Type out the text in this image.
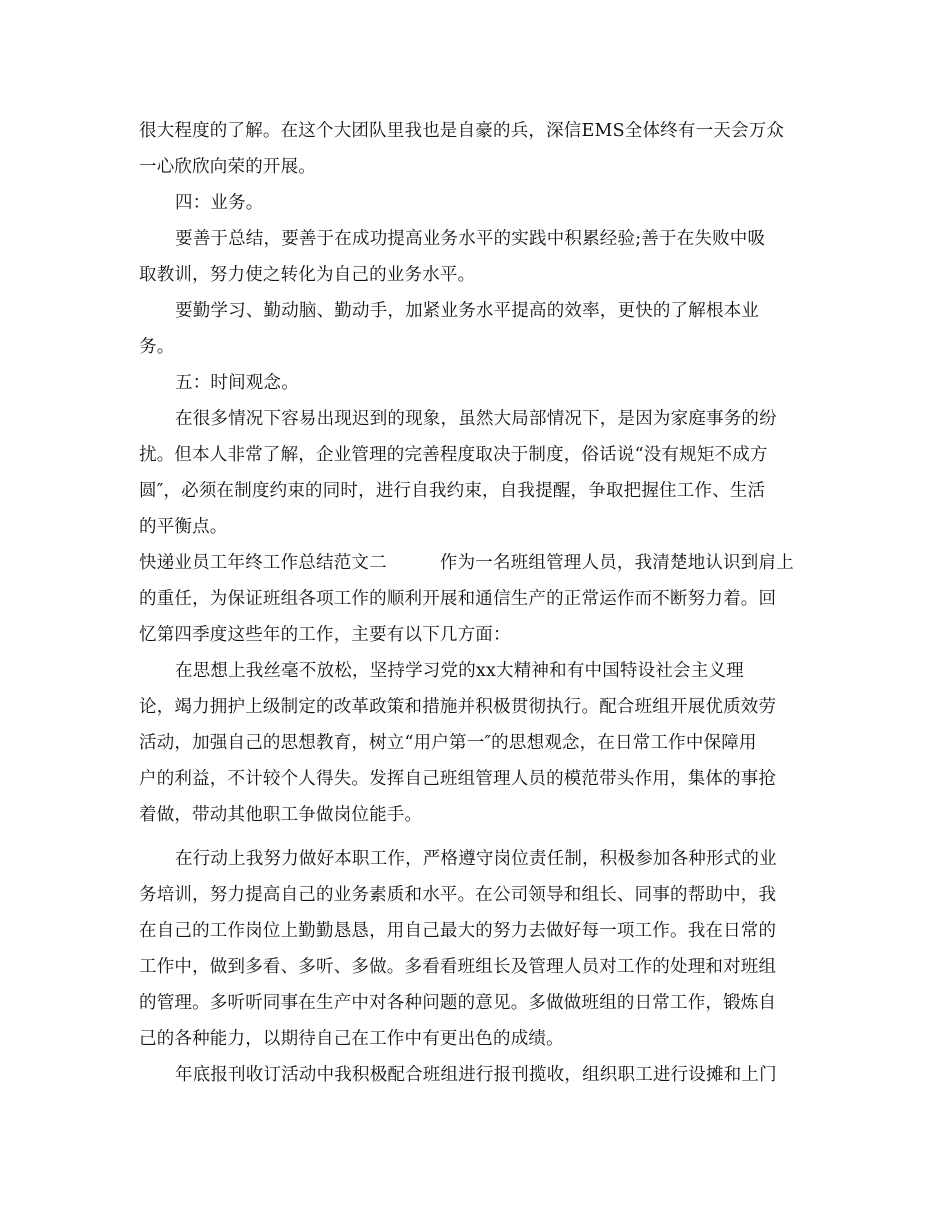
很大程度的了解。在这个大团队里我也是自豪的兵，深信EMS全体终有一天会万众
一心欣欣向荣的开展。
四：业务。
要善于总结，要善于在成功提高业务水平的实践中积累经验;善于在失败中吸
取教训，努力使之转化为自己的业务水平。
要勤学习、勤动脑、勤动手，加紧业务水平提高的效率，更快的了解根本业
务。
五：时间观念。
在很多情况下容易出现迟到的现象，虽然大局部情况下，是因为家庭事务的纷
扰。但本人非常了解，企业管理的完善程度取决于制度，俗话说“没有规矩不成方
圆″，必须在制度约束的同时，进行自我约束，自我提醒，争取把握住工作、生活
的平衡点。
快递业员工年终工作总结范文二　　　作为一名班组管理人员，我清楚地认识到肩上
的重任，为保证班组各项工作的顺利开展和通信生产的正常运作而不断努力着。回
忆第四季度这些年的工作，主要有以下几方面：
在思想上我丝毫不放松，坚持学习党的xx大精神和有中国特设社会主义理
论，竭力拥护上级制定的改革政策和措施并积极贯彻执行。配合班组开展优质效劳
活动，加强自己的思想教育，树立“用户第一″的思想观念，在日常工作中保障用
户的利益，不计较个人得失。发挥自己班组管理人员的模范带头作用，集体的事抢
着做，带动其他职工争做岗位能手。
在行动上我努力做好本职工作，严格遵守岗位责任制，积极参加各种形式的业
务培训，努力提高自己的业务素质和水平。在公司领导和组长、同事的帮助中，我
在自己的工作岗位上勤勤恳恳，用自己最大的努力去做好每一项工作。我在日常的
工作中，做到多看、多听、多做。多看看班组长及管理人员对工作的处理和对班组
的管理。多听听同事在生产中对各种问题的意见。多做做班组的日常工作，锻炼自
己的各种能力，以期待自己在工作中有更出色的成绩。
年底报刊收订活动中我积极配合班组进行报刊揽收，组织职工进行设摊和上门
